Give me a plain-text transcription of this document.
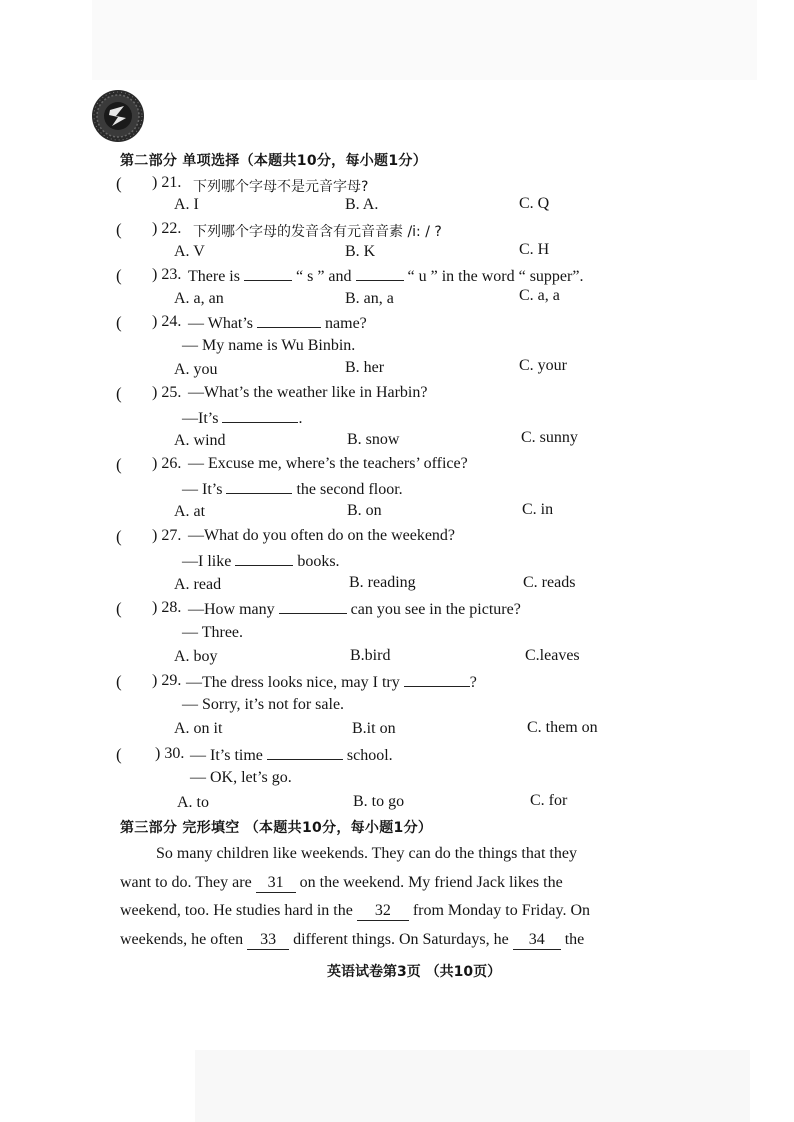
第二部分 单项选择（本题共10分，每小题1分）
( ) 21. 下列哪个字母不是元音字母?
A. I	B. A.	C. Q
( ) 22. 下列哪个字母的发音含有元音音素 /i: / ?
A. V	B. K	C. H
( ) 23. There is	“ s ” and	“ u ” in the word “ supper”.
A. a, an	B. an, a	C. a, a
( ) 24. — What’s	name?
— My name is Wu Binbin.
A. you	B. her	C. your
( ) 25. —What’s the weather like in Harbin?
—It’s	.
A. wind	B. snow	C. sunny
( ) 26. — Excuse me, where’s the teachers’ office?
— It’s	the second floor.
A. at	B. on	C. in
( ) 27. —What do you often do on the weekend?
—I like	books.
A. read	B. reading	C. reads
( ) 28. —How many	can you see in the picture?
— Three.
A. boy	B.bird	C.leaves
( ) 29. —The dress looks nice, may I try	?
— Sorry, it’s not for sale.
A. on it	B.it on	C. them on
( ) 30. — It’s time	school.
— OK, let’s go.
A. to	B. to go	C. for
第三部分 完形填空 （本题共10分，每小题1分）
So many children like weekends. They can do the things that they
want to do. They are 31 on the weekend. My friend Jack likes the
weekend, too. He studies hard in the 32 from Monday to Friday. On
weekends, he often 33 different things. On Saturdays, he 34 the
英语试卷第3页 （共10页）
